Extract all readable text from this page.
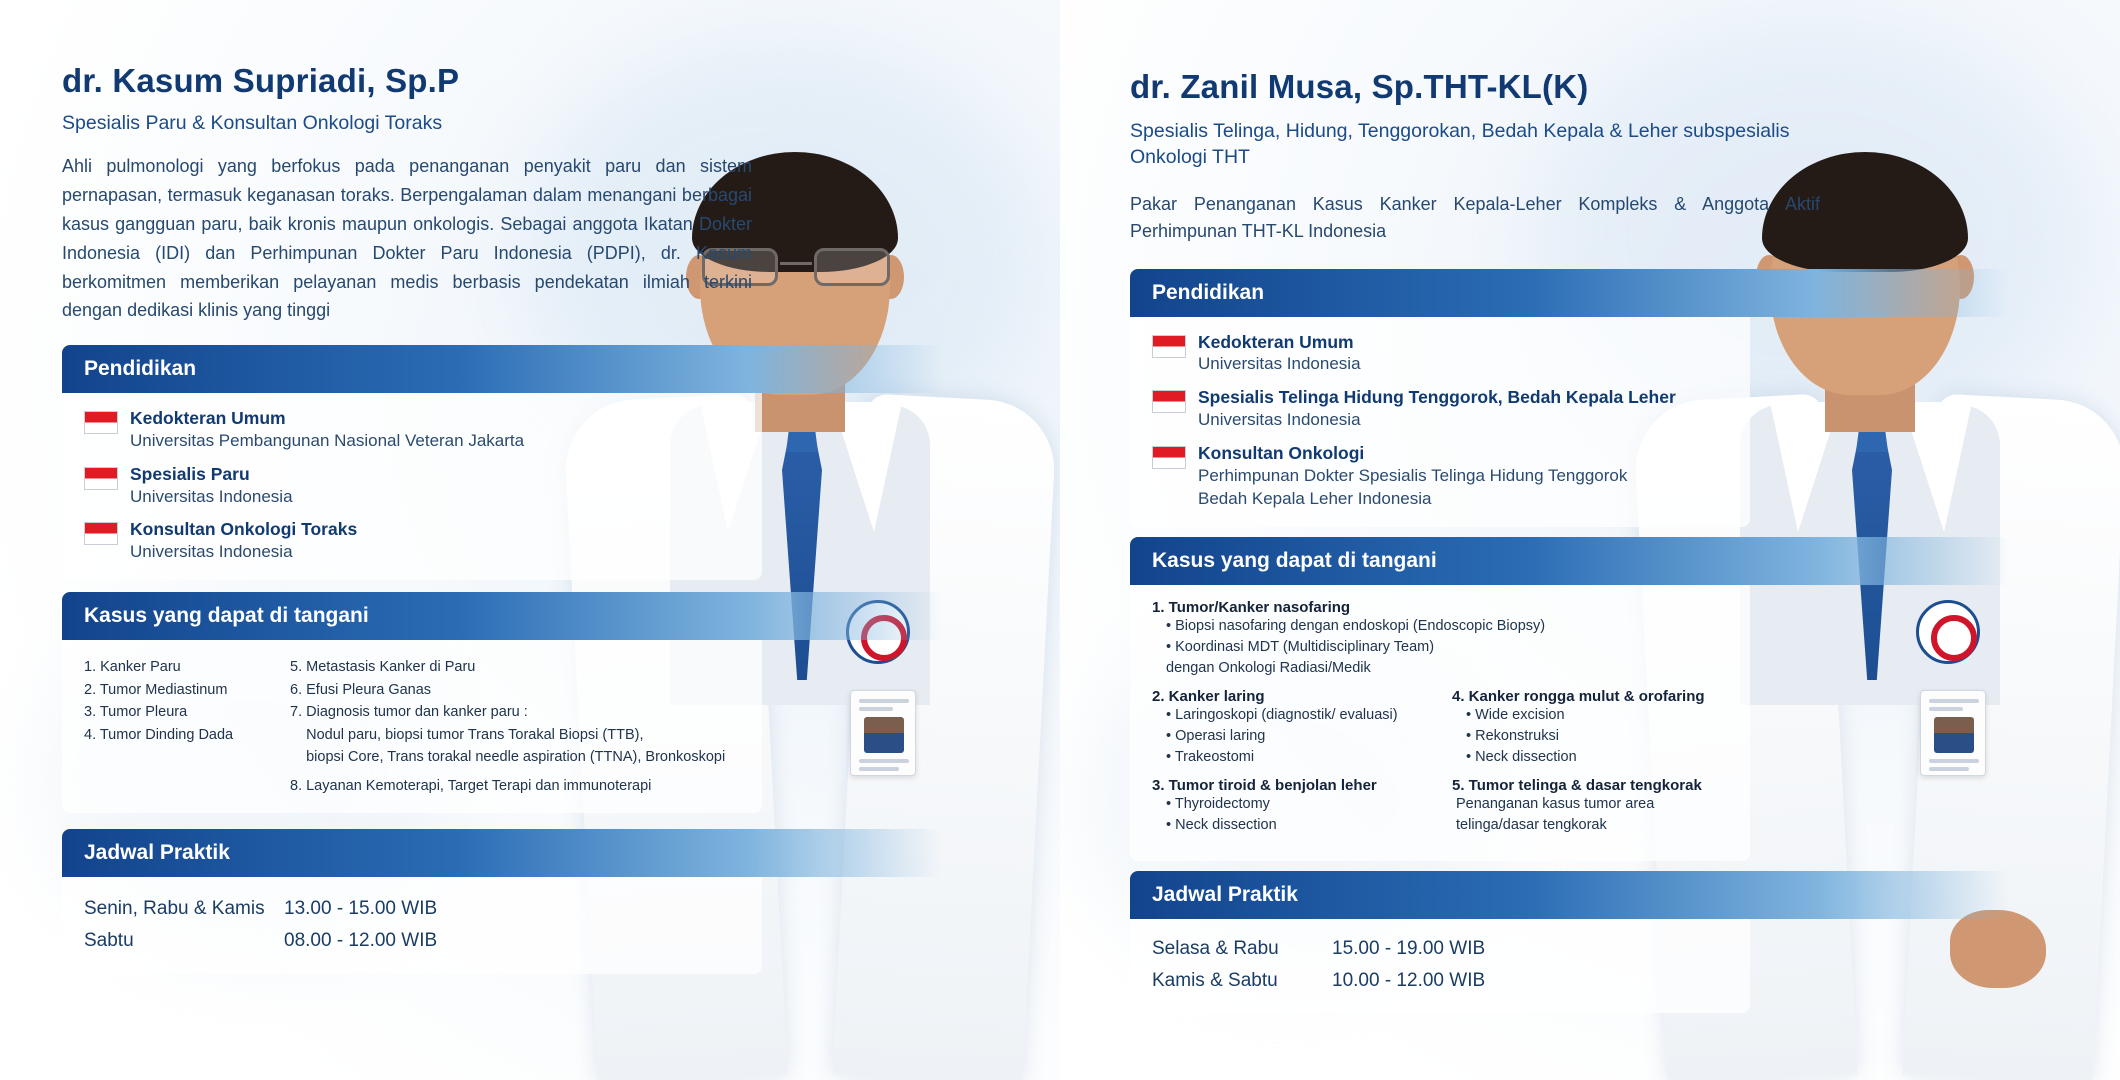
dr. Kasum Supriadi, Sp.P
Spesialis Paru & Konsultan Onkologi Toraks
Ahli pulmonologi yang berfokus pada penanganan penyakit paru dan sistem pernapasan, termasuk keganasan toraks. Berpengalaman dalam menangani berbagai kasus gangguan paru, baik kronis maupun onkologis. Sebagai anggota Ikatan Dokter Indonesia (IDI) dan Perhimpunan Dokter Paru Indonesia (PDPI), dr. Kasum berkomitmen memberikan pelayanan medis berbasis pendekatan ilmiah terkini dengan dedikasi klinis yang tinggi
Pendidikan
Kedokteran Umum
Universitas Pembangunan Nasional Veteran Jakarta
Spesialis Paru
Universitas Indonesia
Konsultan Onkologi Toraks
Universitas Indonesia
Kasus yang dapat di tangani
1. Kanker Paru
2. Tumor Mediastinum
3. Tumor Pleura
4. Tumor Dinding Dada
5. Metastasis Kanker di Paru
6. Efusi Pleura Ganas
7. Diagnosis tumor dan kanker paru :
Nodul paru, biopsi tumor Trans Torakal Biopsi (TTB),
biopsi Core, Trans torakal needle aspiration (TTNA), Bronkoskopi
8. Layanan Kemoterapi, Target Terapi dan immunoterapi
Jadwal Praktik
Senin, Rabu & Kamis	13.00 - 15.00 WIB
Sabtu	08.00 - 12.00 WIB
dr. Zanil Musa, Sp.THT-KL(K)
Spesialis Telinga, Hidung, Tenggorokan, Bedah Kepala & Leher subspesialis Onkologi THT
Pakar Penanganan Kasus Kanker Kepala-Leher Kompleks & Anggota Aktif Perhimpunan THT-KL Indonesia
Pendidikan
Kedokteran Umum
Universitas Indonesia
Spesialis Telinga Hidung Tenggorok, Bedah Kepala Leher
Universitas Indonesia
Konsultan Onkologi
Perhimpunan Dokter Spesialis Telinga Hidung Tenggorok Bedah Kepala Leher Indonesia
Kasus yang dapat di tangani
1. Tumor/Kanker nasofaring
• Biopsi nasofaring dengan endoskopi (Endoscopic Biopsy)
• Koordinasi MDT (Multidisciplinary Team)
dengan Onkologi Radiasi/Medik
2. Kanker laring
• Laringoskopi (diagnostik/ evaluasi)
• Operasi laring
• Trakeostomi
3. Tumor tiroid & benjolan leher
• Thyroidectomy
• Neck dissection
4. Kanker rongga mulut & orofaring
• Wide excision
• Rekonstruksi
• Neck dissection
5. Tumor telinga & dasar tengkorak
Penanganan kasus tumor area
telinga/dasar tengkorak
Jadwal Praktik
Selasa & Rabu	15.00 - 19.00 WIB
Kamis & Sabtu	10.00 - 12.00 WIB
